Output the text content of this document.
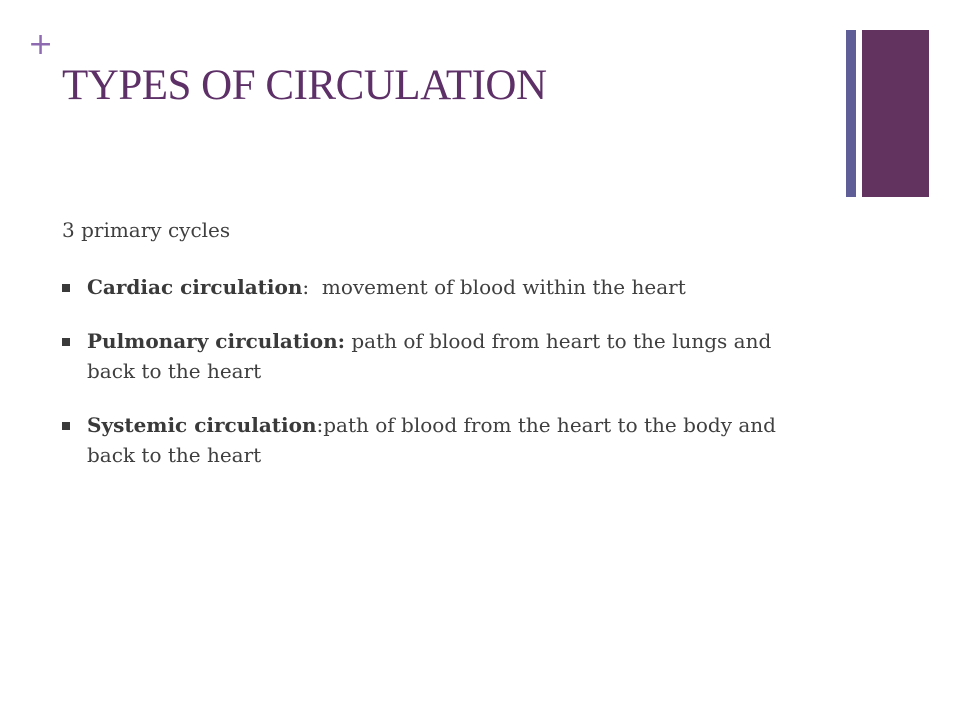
+
TYPES OF CIRCULATION

3 primary cycles

Cardiac circulation:  movement of blood within the heart
Pulmonary circulation: path of blood from heart to the lungs and back to the heart
Systemic circulation:path of blood from the heart to the body and back to the heart
